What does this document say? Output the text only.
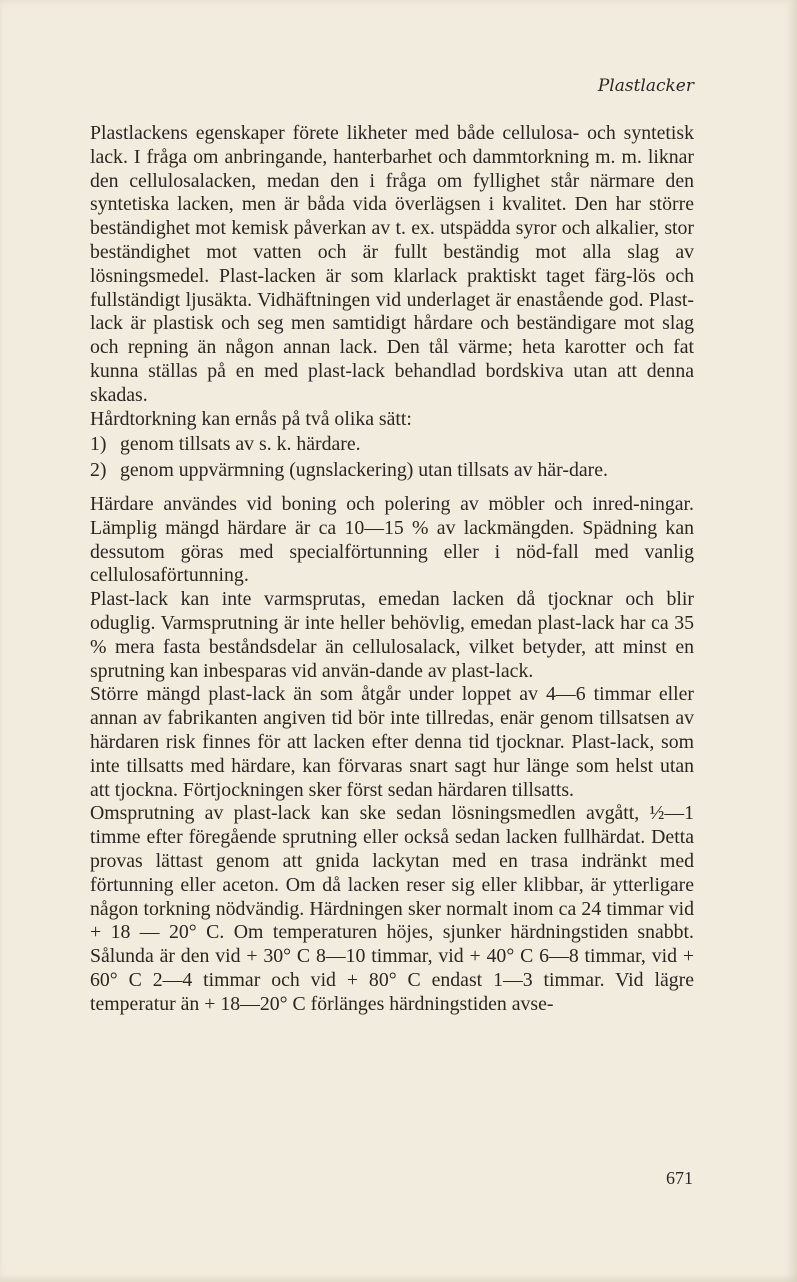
Plastlacker

Plastlackens egenskaper förete likheter med både cellulosa- och syntetisk lack. I fråga om anbringande, hanterbarhet och dammtorkning m. m. liknar den cellulosalacken, medan den i fråga om fyllighet står närmare den syntetiska lacken, men är båda vida överlägsen i kvalitet. Den har större beständighet mot kemisk påverkan av t. ex. utspädda syror och alkalier, stor beständighet mot vatten och är fullt beständig mot alla slag av lösningsmedel. Plast-lacken är som klarlack praktiskt taget färg-lös och fullständigt ljusäkta. Vidhäftningen vid underlaget är enastående god. Plast-lack är plastisk och seg men samtidigt hårdare och beständigare mot slag och repning än någon annan lack. Den tål värme; heta karotter och fat kunna ställas på en med plast-lack behandlad bordskiva utan att denna skadas.

Hårdtorkning kan ernås på två olika sätt:

1) genom tillsats av s. k. härdare.
2) genom uppvärmning (ugnslackering) utan tillsats av här-dare.

Härdare användes vid boning och polering av möbler och inred-ningar. Lämplig mängd härdare är ca 10—15 % av lackmängden. Spädning kan dessutom göras med specialförtunning eller i nöd-fall med vanlig cellulosaförtunning.

Plast-lack kan inte varmsprutas, emedan lacken då tjocknar och blir oduglig. Varmsprutning är inte heller behövlig, emedan plast-lack har ca 35 % mera fasta beståndsdelar än cellulosalack, vilket betyder, att minst en sprutning kan inbesparas vid använ-dande av plast-lack.

Större mängd plast-lack än som åtgår under loppet av 4—6 timmar eller annan av fabrikanten angiven tid bör inte tillredas, enär genom tillsatsen av härdaren risk finnes för att lacken efter denna tid tjocknar. Plast-lack, som inte tillsatts med härdare, kan förvaras snart sagt hur länge som helst utan att tjockna. Förtjockningen sker först sedan härdaren tillsatts.

Omsprutning av plast-lack kan ske sedan lösningsmedlen avgått, ½—1 timme efter föregående sprutning eller också sedan lacken fullhärdat. Detta provas lättast genom att gnida lackytan med en trasa indränkt med förtunning eller aceton. Om då lacken reser sig eller klibbar, är ytterligare någon torkning nödvändig. Härdningen sker normalt inom ca 24 timmar vid + 18 — 20° C. Om temperaturen höjes, sjunker härdningstiden snabbt. Sålunda är den vid + 30° C 8—10 timmar, vid + 40° C 6—8 timmar, vid + 60° C 2—4 timmar och vid + 80° C endast 1—3 timmar. Vid lägre temperatur än + 18—20° C förlänges härdningstiden avse-

671
